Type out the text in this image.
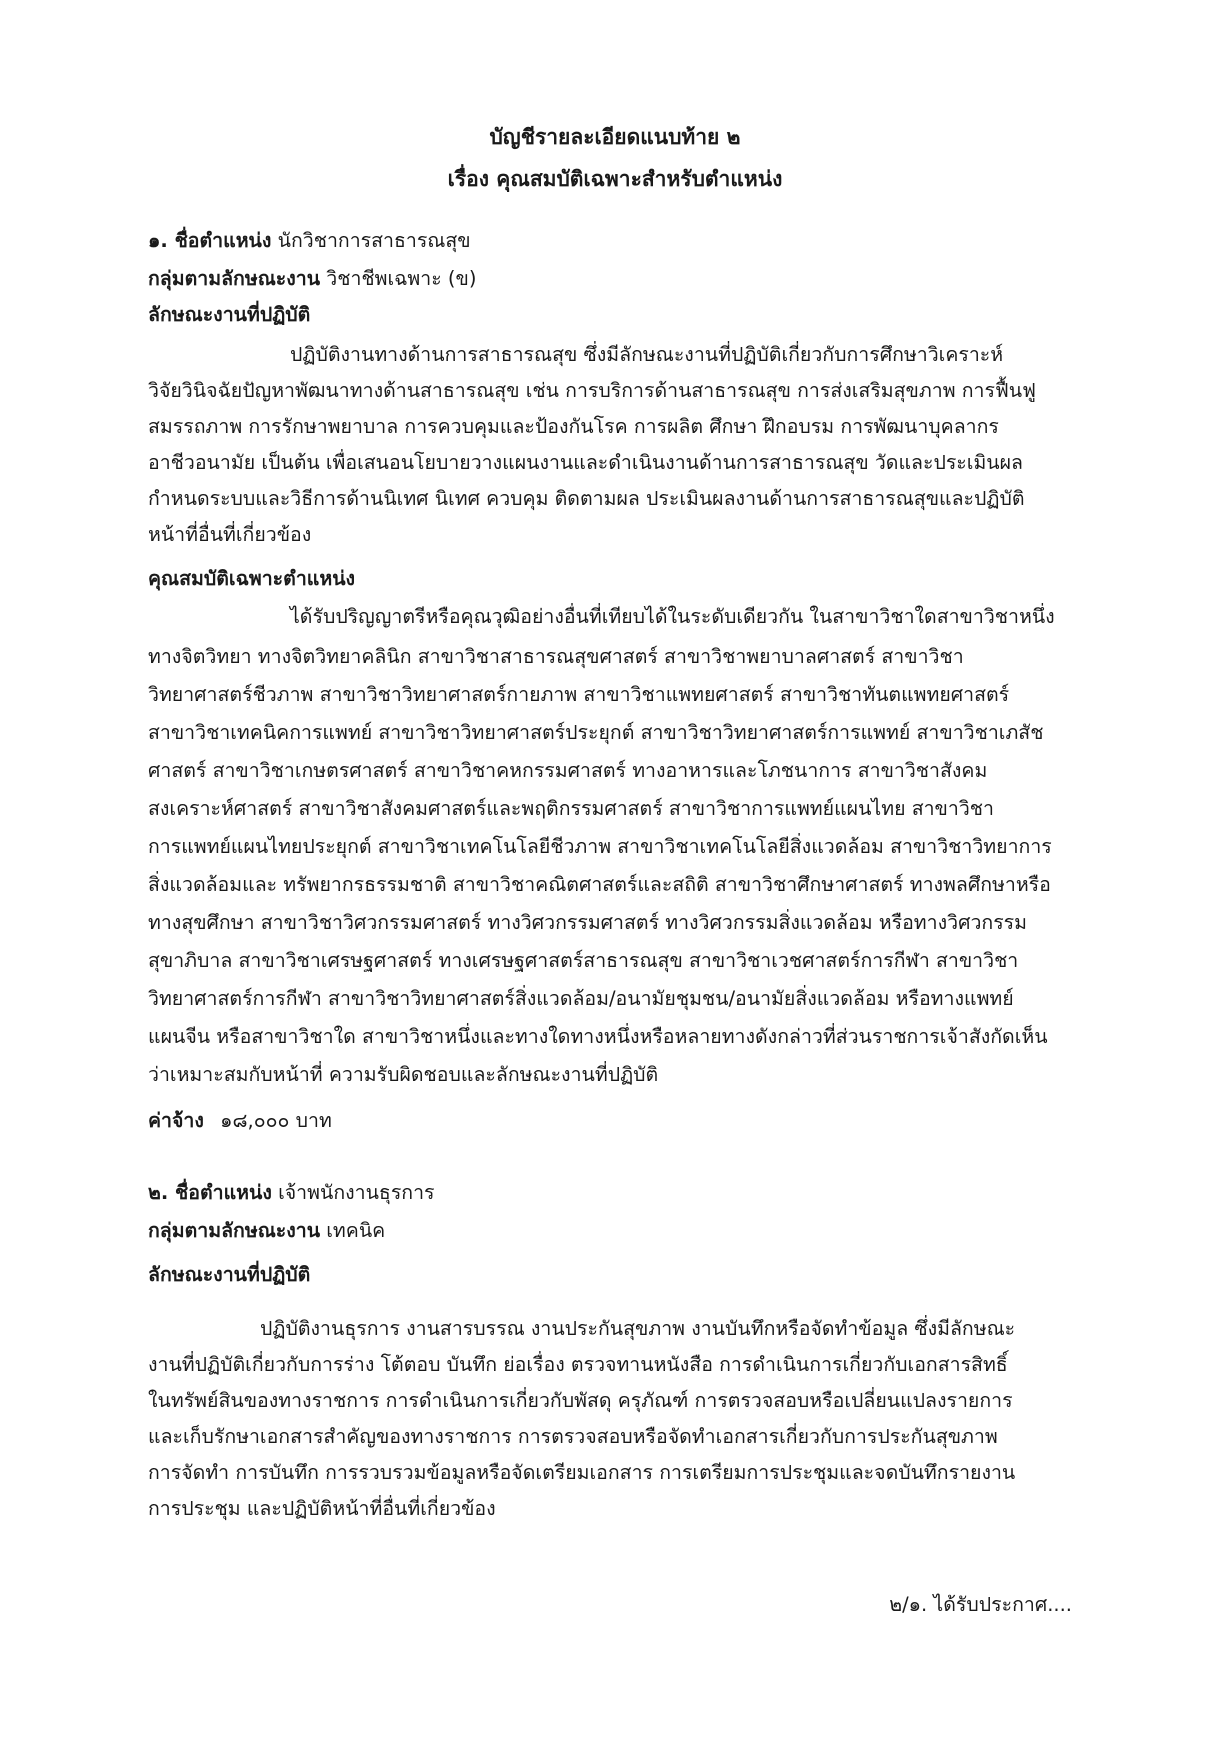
บัญชีรายละเอียดแนบท้าย ๒
เรื่อง คุณสมบัติเฉพาะสำหรับตำแหน่ง
๑. ชื่อตำแหน่ง นักวิชาการสาธารณสุข
กลุ่มตามลักษณะงาน วิชาชีพเฉพาะ (ข)
ลักษณะงานที่ปฏิบัติ
ปฏิบัติงานทางด้านการสาธารณสุข ซึ่งมีลักษณะงานที่ปฏิบัติเกี่ยวกับการศึกษาวิเคราะห์
วิจัยวินิจฉัยปัญหาพัฒนาทางด้านสาธารณสุข เช่น การบริการด้านสาธารณสุข การส่งเสริมสุขภาพ การฟื้นฟู
สมรรถภาพ การรักษาพยาบาล การควบคุมและป้องกันโรค การผลิต ศึกษา ฝึกอบรม การพัฒนาบุคลากร
อาชีวอนามัย เป็นต้น เพื่อเสนอนโยบายวางแผนงานและดำเนินงานด้านการสาธารณสุข วัดและประเมินผล
กำหนดระบบและวิธีการด้านนิเทศ นิเทศ ควบคุม ติดตามผล ประเมินผลงานด้านการสาธารณสุขและปฏิบัติ
หน้าที่อื่นที่เกี่ยวข้อง
คุณสมบัติเฉพาะตำแหน่ง
ได้รับปริญญาตรีหรือคุณวุฒิอย่างอื่นที่เทียบได้ในระดับเดียวกัน ในสาขาวิชาใดสาขาวิชาหนึ่ง
ทางจิตวิทยา ทางจิตวิทยาคลินิก สาขาวิชาสาธารณสุขศาสตร์ สาขาวิชาพยาบาลศาสตร์ สาขาวิชา
วิทยาศาสตร์ชีวภาพ สาขาวิชาวิทยาศาสตร์กายภาพ สาขาวิชาแพทยศาสตร์ สาขาวิชาทันตแพทยศาสตร์
สาขาวิชาเทคนิคการแพทย์ สาขาวิชาวิทยาศาสตร์ประยุกต์ สาขาวิชาวิทยาศาสตร์การแพทย์ สาขาวิชาเภสัช
ศาสตร์ สาขาวิชาเกษตรศาสตร์ สาขาวิชาคหกรรมศาสตร์ ทางอาหารและโภชนาการ สาขาวิชาสังคม
สงเคราะห์ศาสตร์ สาขาวิชาสังคมศาสตร์และพฤติกรรมศาสตร์ สาขาวิชาการแพทย์แผนไทย สาขาวิชา
การแพทย์แผนไทยประยุกต์ สาขาวิชาเทคโนโลยีชีวภาพ สาขาวิชาเทคโนโลยีสิ่งแวดล้อม สาขาวิชาวิทยาการ
สิ่งแวดล้อมและ ทรัพยากรธรรมชาติ สาขาวิชาคณิตศาสตร์และสถิติ สาขาวิชาศึกษาศาสตร์ ทางพลศึกษาหรือ
ทางสุขศึกษา สาขาวิชาวิศวกรรมศาสตร์ ทางวิศวกรรมศาสตร์ ทางวิศวกรรมสิ่งแวดล้อม หรือทางวิศวกรรม
สุขาภิบาล สาขาวิชาเศรษฐศาสตร์ ทางเศรษฐศาสตร์สาธารณสุข สาขาวิชาเวชศาสตร์การกีฬา สาขาวิชา
วิทยาศาสตร์การกีฬา สาขาวิชาวิทยาศาสตร์สิ่งแวดล้อม/อนามัยชุมชน/อนามัยสิ่งแวดล้อม หรือทางแพทย์
แผนจีน หรือสาขาวิชาใด สาขาวิชาหนึ่งและทางใดทางหนึ่งหรือหลายทางดังกล่าวที่ส่วนราชการเจ้าสังกัดเห็น
ว่าเหมาะสมกับหน้าที่ ความรับผิดชอบและลักษณะงานที่ปฏิบัติ
ค่าจ้าง ๑๘,๐๐๐ บาท
๒. ชื่อตำแหน่ง เจ้าพนักงานธุรการ
กลุ่มตามลักษณะงาน เทคนิค
ลักษณะงานที่ปฏิบัติ
ปฏิบัติงานธุรการ งานสารบรรณ งานประกันสุขภาพ งานบันทึกหรือจัดทำข้อมูล ซึ่งมีลักษณะ
งานที่ปฏิบัติเกี่ยวกับการร่าง โต้ตอบ บันทึก ย่อเรื่อง ตรวจทานหนังสือ การดำเนินการเกี่ยวกับเอกสารสิทธิ์
ในทรัพย์สินของทางราชการ การดำเนินการเกี่ยวกับพัสดุ ครุภัณฑ์ การตรวจสอบหรือเปลี่ยนแปลงรายการ
และเก็บรักษาเอกสารสำคัญของทางราชการ การตรวจสอบหรือจัดทำเอกสารเกี่ยวกับการประกันสุขภาพ
การจัดทำ การบันทึก การรวบรวมข้อมูลหรือจัดเตรียมเอกสาร การเตรียมการประชุมและจดบันทึกรายงาน
การประชุม และปฏิบัติหน้าที่อื่นที่เกี่ยวข้อง
๒/๑. ได้รับประกาศ....
